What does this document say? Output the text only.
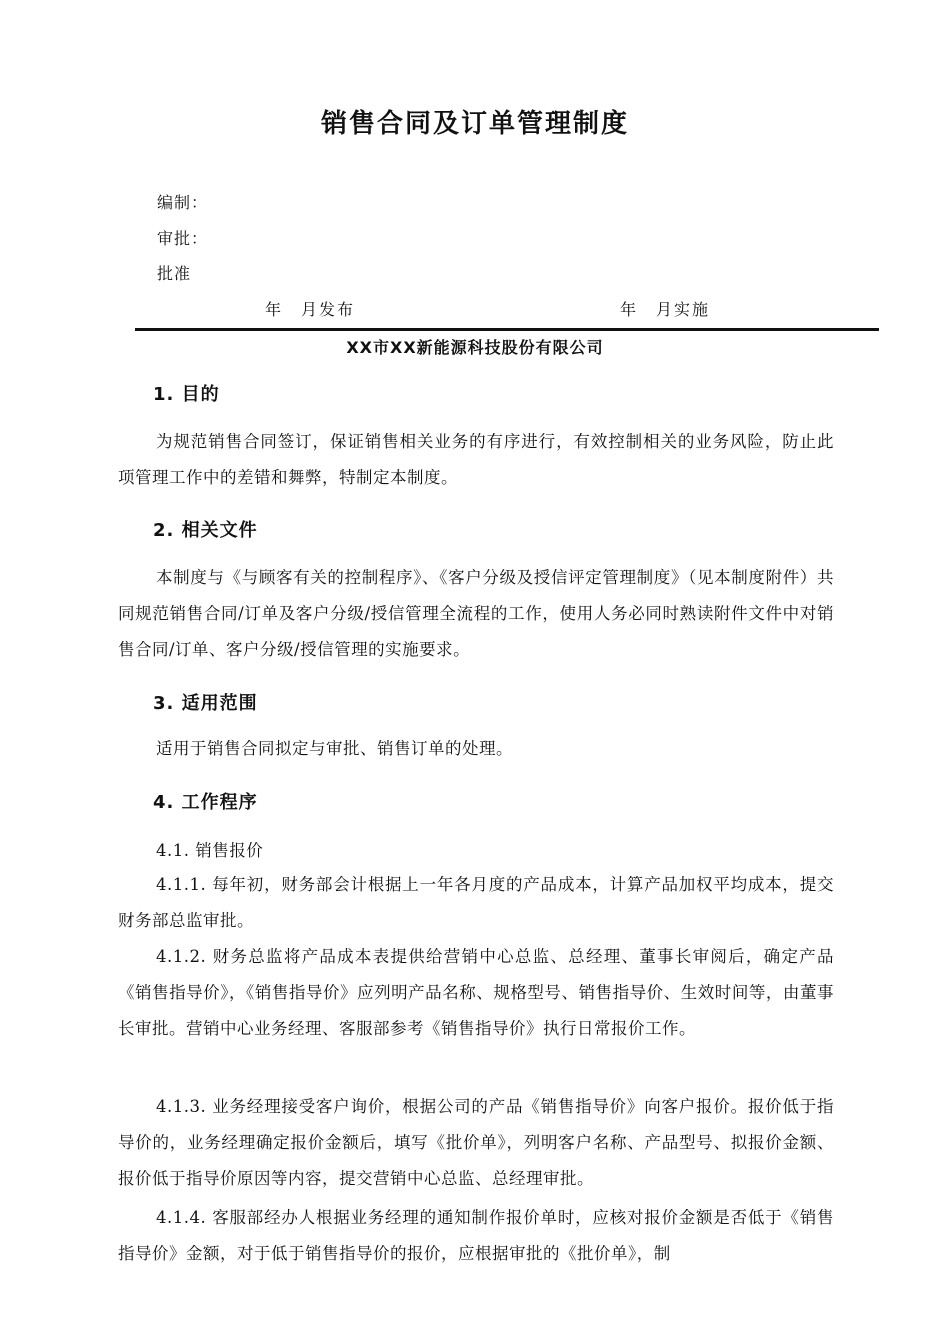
销售合同及订单管理制度
编制：
审批：
批准
年　月发布	年　月实施
XX市XX新能源科技股份有限公司
1. 目的
为规范销售合同签订，保证销售相关业务的有序进行，有效控制相关的业务风险，防止此项管理工作中的差错和舞弊，特制定本制度。
2. 相关文件
本制度与《与顾客有关的控制程序》、《客户分级及授信评定管理制度》（见本制度附件）共同规范销售合同/订单及客户分级/授信管理全流程的工作，使用人务必同时熟读附件文件中对销售合同/订单、客户分级/授信管理的实施要求。
3. 适用范围
适用于销售合同拟定与审批、销售订单的处理。
4. 工作程序
4.1. 销售报价
4.1.1. 每年初，财务部会计根据上一年各月度的产品成本，计算产品加权平均成本，提交财务部总监审批。
4.1.2. 财务总监将产品成本表提供给营销中心总监、总经理、董事长审阅后，确定产品《销售指导价》，《销售指导价》应列明产品名称、规格型号、销售指导价、生效时间等，由董事长审批。营销中心业务经理、客服部参考《销售指导价》执行日常报价工作。
4.1.3. 业务经理接受客户询价，根据公司的产品《销售指导价》向客户报价。报价低于指导价的，业务经理确定报价金额后，填写《批价单》，列明客户名称、产品型号、拟报价金额、报价低于指导价原因等内容，提交营销中心总监、总经理审批。
4.1.4. 客服部经办人根据业务经理的通知制作报价单时，应核对报价金额是否低于《销售指导价》金额，对于低于销售指导价的报价，应根据审批的《批价单》，制
